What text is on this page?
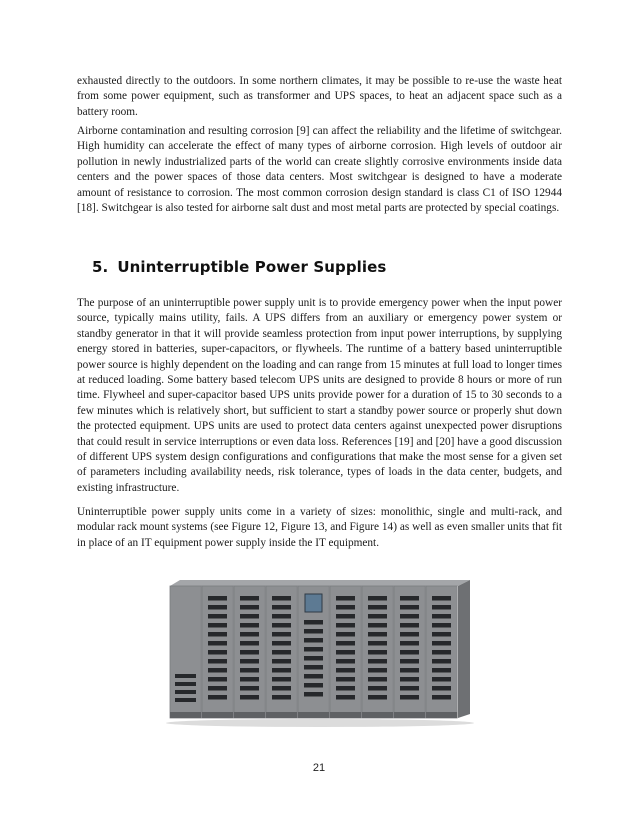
exhausted directly to the outdoors. In some northern climates, it may be possible to re-use the waste heat from some power equipment, such as transformer and UPS spaces, to heat an adjacent space such as a battery room.

Airborne contamination and resulting corrosion [9] can affect the reliability and the lifetime of switchgear. High humidity can accelerate the effect of many types of airborne corrosion. High levels of outdoor air pollution in newly industrialized parts of the world can create slightly corrosive environments inside data centers and the power spaces of those data centers. Most switchgear is designed to have a moderate amount of resistance to corrosion. The most common corrosion design standard is class C1 of ISO 12944 [18]. Switchgear is also tested for airborne salt dust and most metal parts are protected by special coatings.

5. Uninterruptible Power Supplies

The purpose of an uninterruptible power supply unit is to provide emergency power when the input power source, typically mains utility, fails. A UPS differs from an auxiliary or emergency power system or standby generator in that it will provide seamless protection from input power interruptions, by supplying energy stored in batteries, super-capacitors, or flywheels. The runtime of a battery based uninterruptible power source is highly dependent on the loading and can range from 15 minutes at full load to longer times at reduced loading. Some battery based telecom UPS units are designed to provide 8 hours or more of run time. Flywheel and super-capacitor based UPS units provide power for a duration of 15 to 30 seconds to a few minutes which is relatively short, but sufficient to start a standby power source or properly shut down the protected equipment. UPS units are used to protect data centers against unexpected power disruptions that could result in service interruptions or even data loss. References [19] and [20] have a good discussion of different UPS system design configurations and configurations that make the most sense for a given set of parameters including availability needs, risk tolerance, types of loads in the data center, budgets, and existing infrastructure.

Uninterruptible power supply units come in a variety of sizes: monolithic, single and multi-rack, and modular rack mount systems (see Figure 12, Figure 13, and Figure 14) as well as even smaller units that fit in place of an IT equipment power supply inside the IT equipment.

21
